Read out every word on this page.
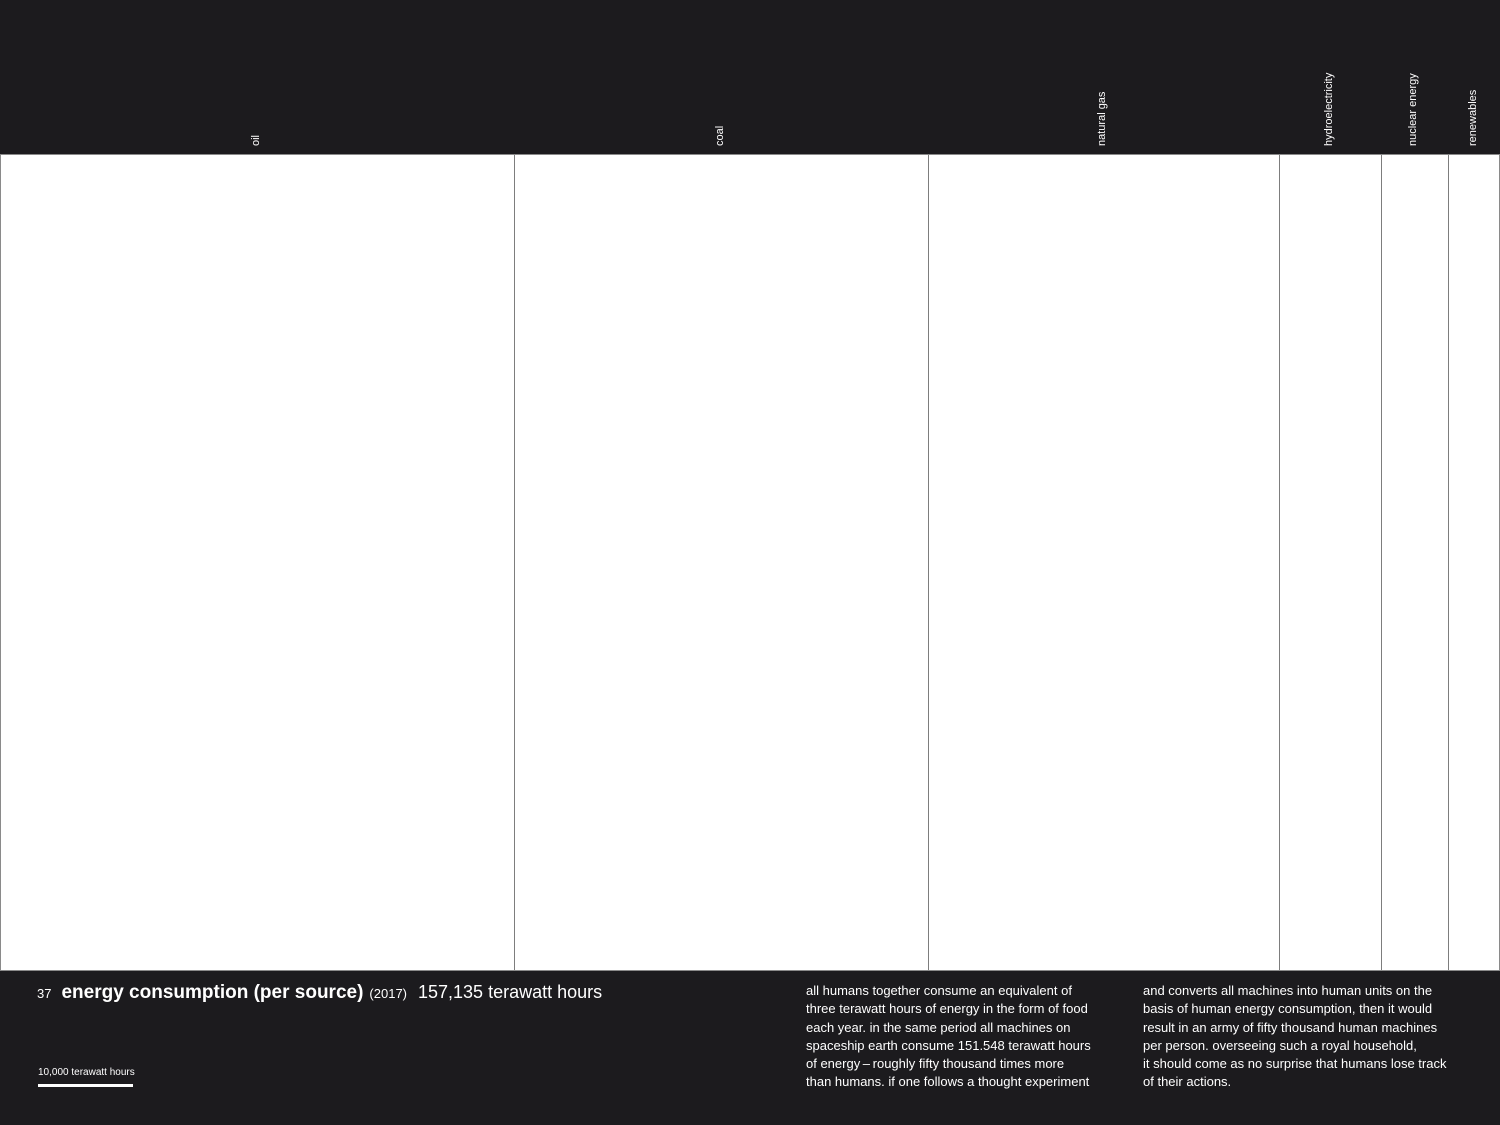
oil	coal	natural gas	hydroelectricity	nuclear energy	renewables
37 energy consumption (per source) (2017) 157,135 terawatt hours
10,000 terawatt hours
all humans together consume an equivalent of
three terawatt hours of energy in the form of food
each year. in the same period all machines on
spaceship earth consume 151.548 terawatt hours
of energy – roughly fifty thousand times more
than humans. if one follows a thought experiment
and converts all machines into human units on the
basis of human energy consumption, then it would
result in an army of fifty thousand human machines
per person. overseeing such a royal household,
it should come as no surprise that humans lose track
of their actions.
